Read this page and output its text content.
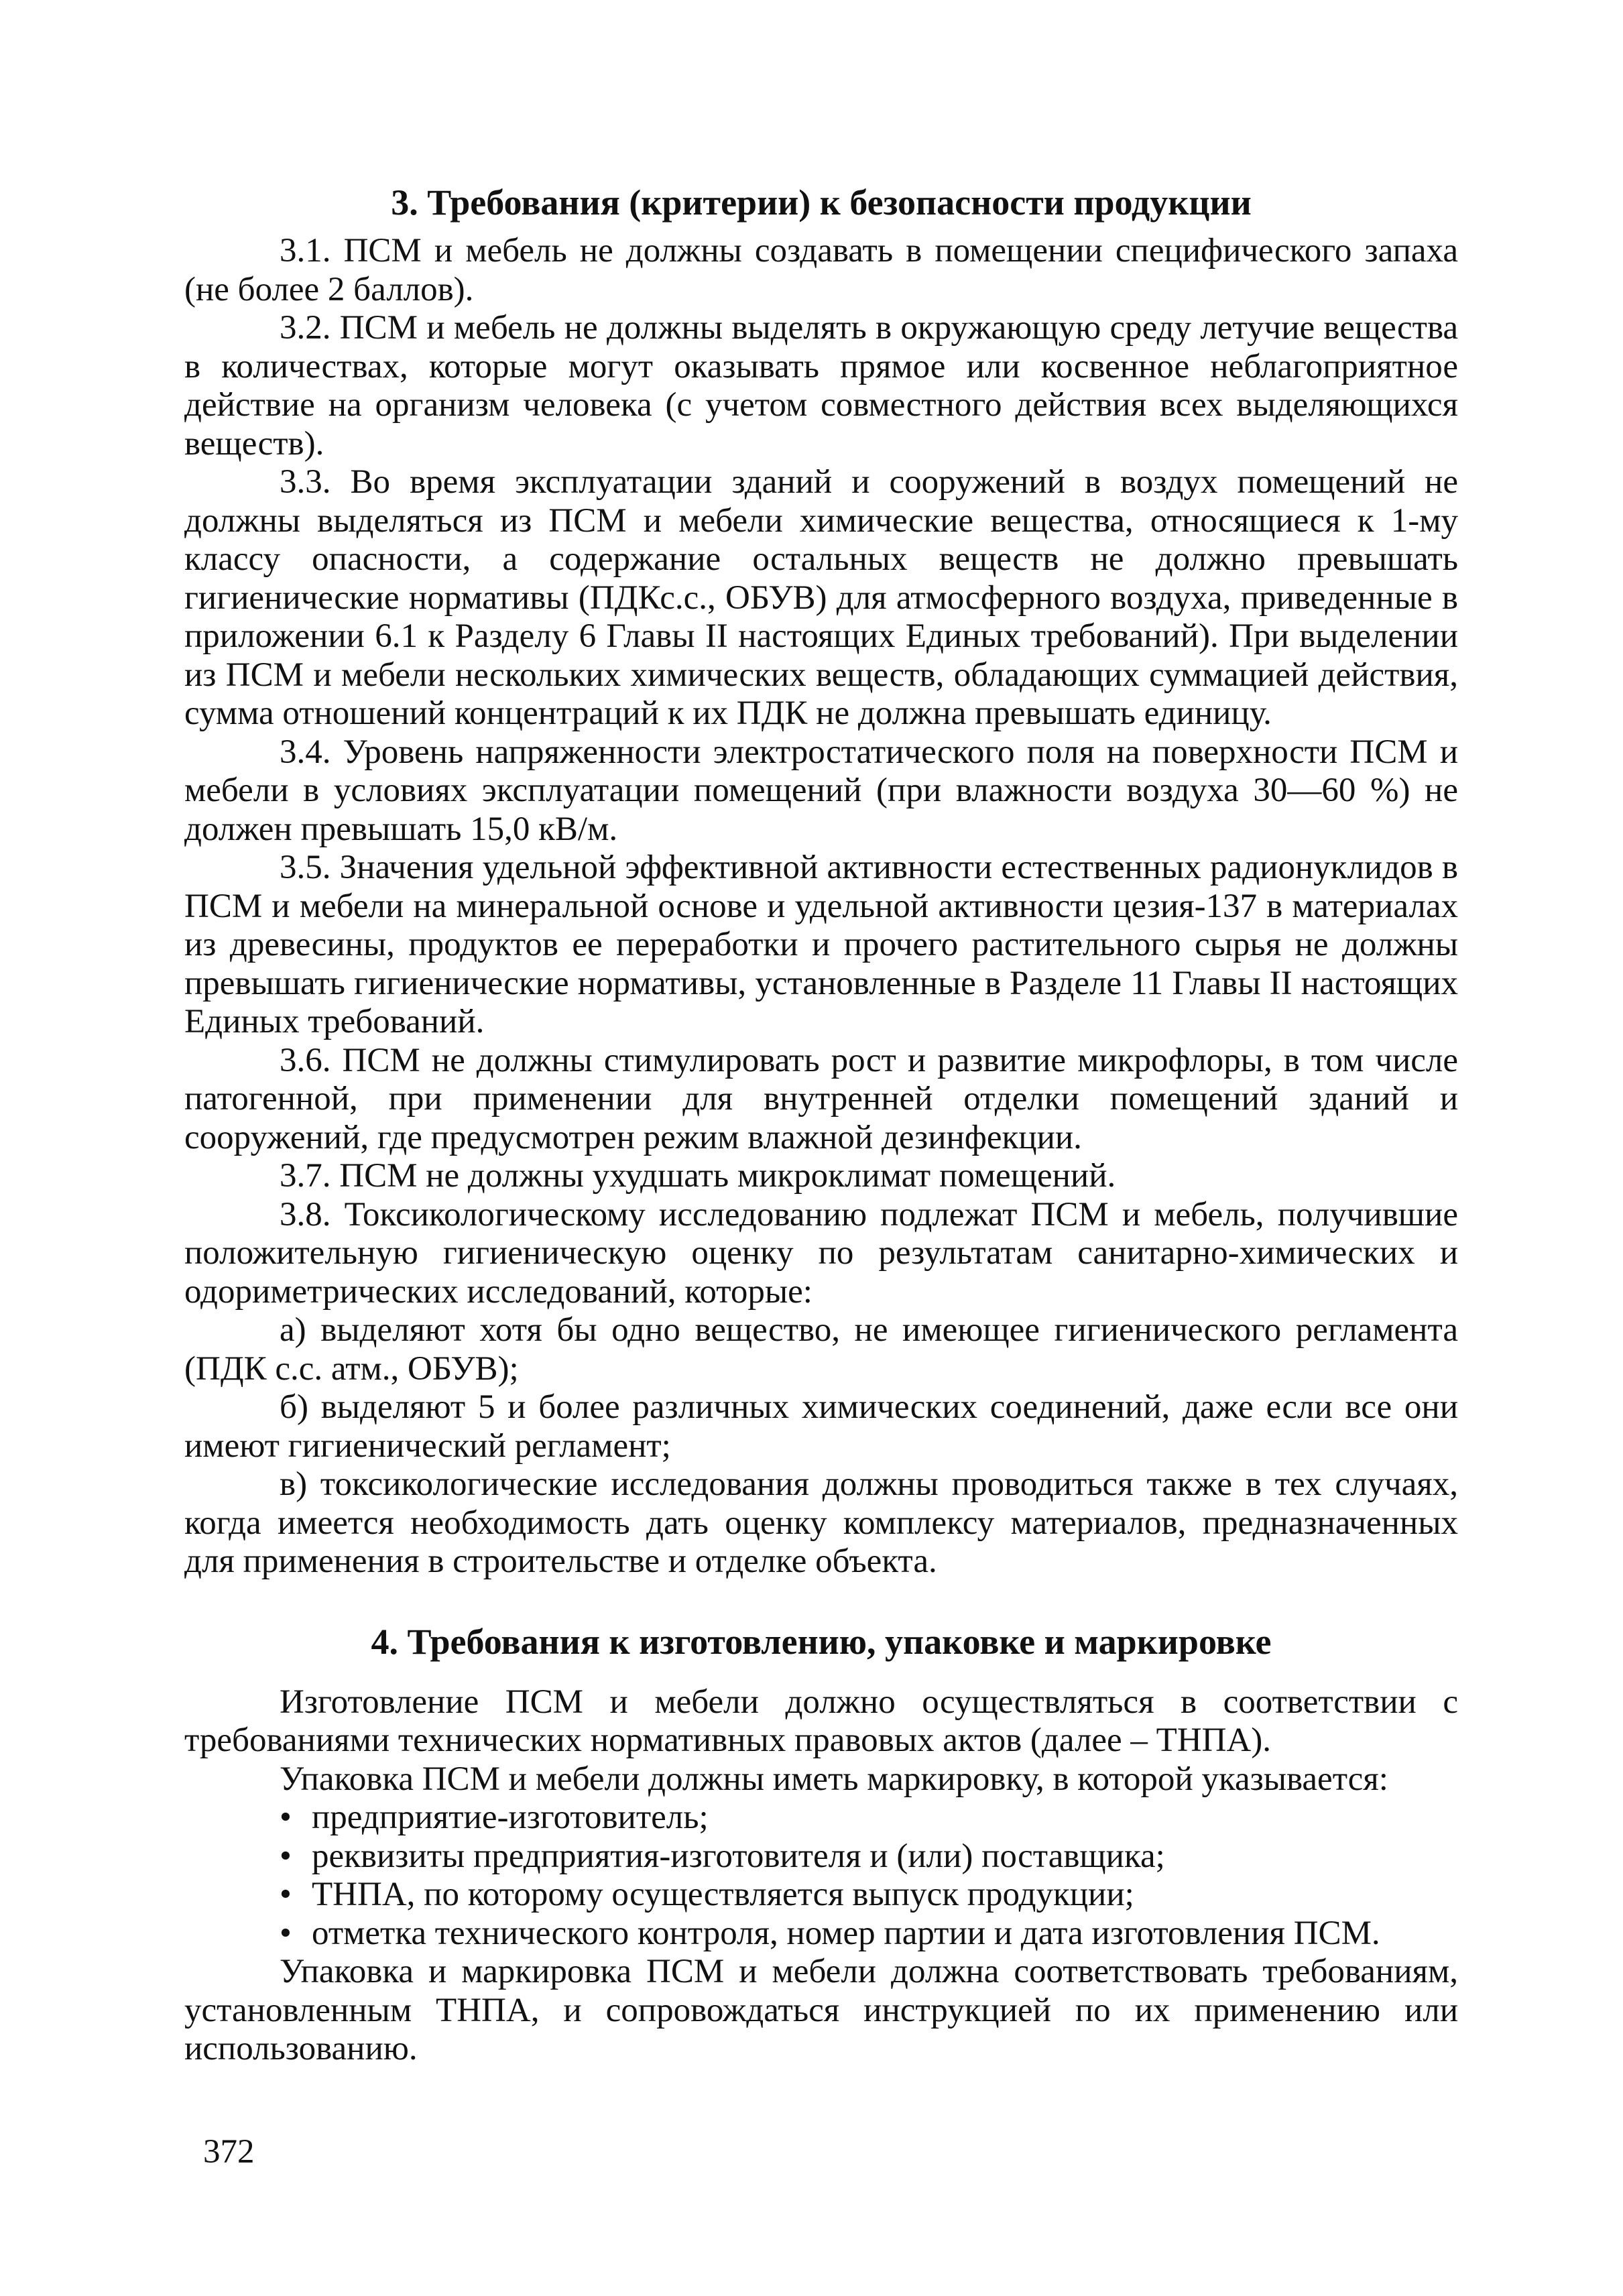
3. Требования (критерии) к безопасности продукции

3.1. ПСМ и мебель не должны создавать в помещении специфического запаха (не более 2 баллов).

3.2. ПСМ и мебель не должны выделять в окружающую среду летучие вещества в количествах, которые могут оказывать прямое или косвенное неблагоприятное действие на организм человека (с учетом совместного действия всех выделяющихся веществ).

3.3. Во время эксплуатации зданий и сооружений в воздух помещений не должны выделяться из ПСМ и мебели химические вещества, относящиеся к 1-му классу опасности, а содержание остальных веществ не должно превышать гигиенические нормативы (ПДКс.с., ОБУВ) для атмосферного воздуха, приведенные в приложении 6.1 к Разделу 6 Главы II настоящих Единых требований). При выделении из ПСМ и мебели нескольких химических веществ, обладающих суммацией действия, сумма отношений концентраций к их ПДК не должна превышать единицу.

3.4. Уровень напряженности электростатического поля на поверхности ПСМ и мебели в условиях эксплуатации помещений (при влажности воздуха 30—60 %) не должен превышать 15,0 кВ/м.

3.5. Значения удельной эффективной активности естественных радионуклидов в ПСМ и мебели на минеральной основе и удельной активности цезия-137 в материалах из древесины, продуктов ее переработки и прочего растительного сырья не должны превышать гигиенические нормативы, установленные в Разделе 11 Главы II настоящих Единых требований.

3.6. ПСМ не должны стимулировать рост и развитие микрофлоры, в том числе патогенной, при применении для внутренней отделки помещений зданий и сооружений, где предусмотрен режим влажной дезинфекции.

3.7. ПСМ не должны ухудшать микроклимат помещений.

3.8. Токсикологическому исследованию подлежат ПСМ и мебель, получившие положительную гигиеническую оценку по результатам санитарно-химических и одориметрических исследований, которые:

а) выделяют хотя бы одно вещество, не имеющее гигиенического регламента (ПДК с.с. атм., ОБУВ);

б) выделяют 5 и более различных химических соединений, даже если все они имеют гигиенический регламент;

в) токсикологические исследования должны проводиться также в тех случаях, когда имеется необходимость дать оценку комплексу материалов, предназначенных для применения в строительстве и отделке объекта.

4. Требования к изготовлению, упаковке и маркировке

Изготовление ПСМ и мебели должно осуществляться в соответствии с требованиями технических нормативных правовых актов (далее – ТНПА).

Упаковка ПСМ и мебели должны иметь маркировку, в которой указывается:

• предприятие-изготовитель;
• реквизиты предприятия-изготовителя и (или) поставщика;
• ТНПА, по которому осуществляется выпуск продукции;
• отметка технического контроля, номер партии и дата изготовления ПСМ.

Упаковка и маркировка ПСМ и мебели должна соответствовать требованиям, установленным ТНПА, и сопровождаться инструкцией по их применению или использованию.

372
